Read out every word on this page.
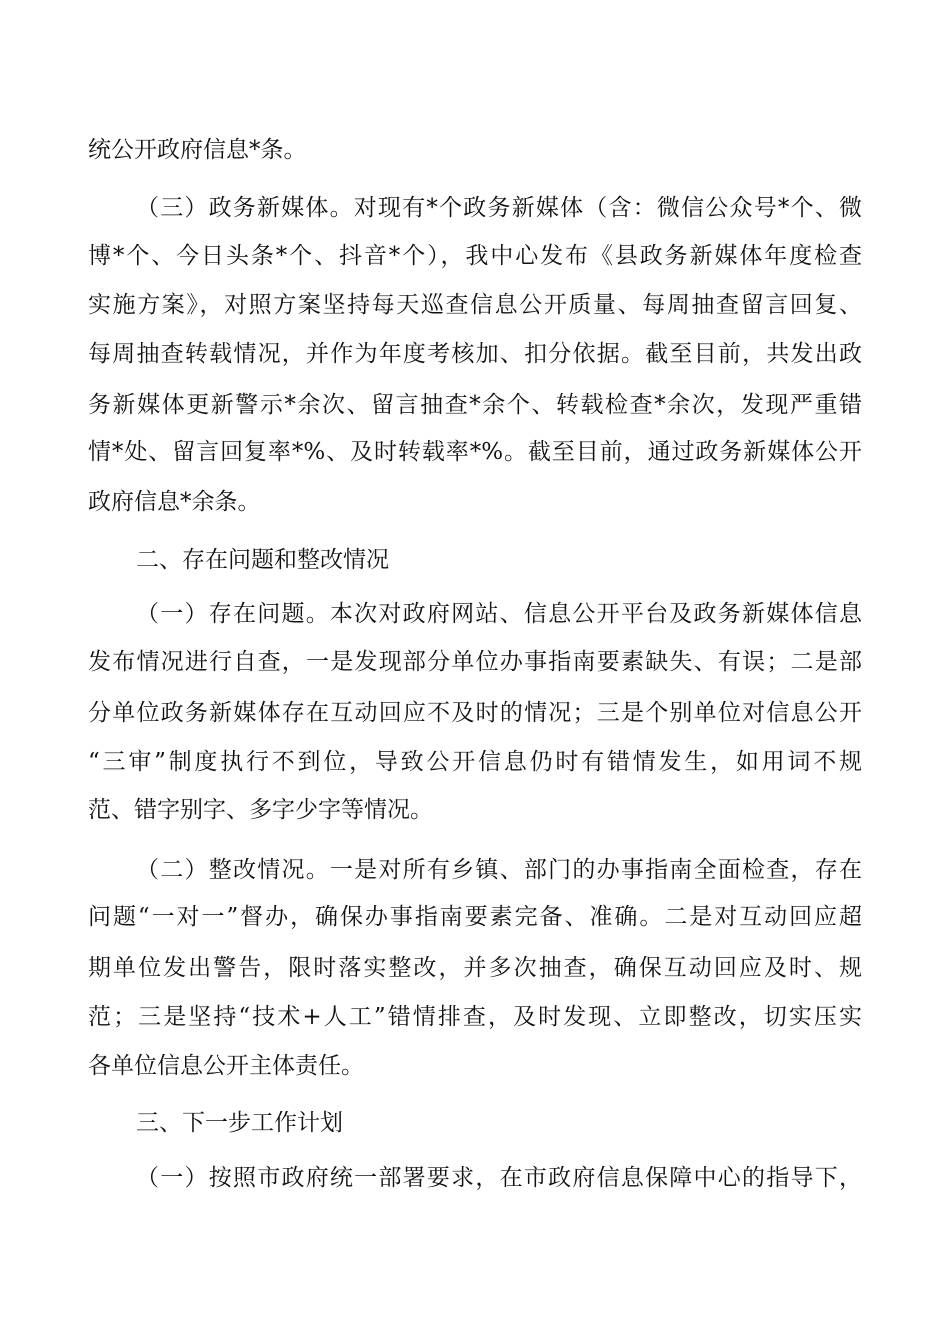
统公开政府信息*条。
（三）政务新媒体。对现有*个政务新媒体（含：微信公众号*个、微
博*个、今日头条*个、抖音*个），我中心发布《县政务新媒体年度检查
实施方案》，对照方案坚持每天巡查信息公开质量、每周抽查留言回复、
每周抽查转载情况，并作为年度考核加、扣分依据。截至目前，共发出政
务新媒体更新警示*余次、留言抽查*余个、转载检查*余次，发现严重错
情*处、留言回复率*%、及时转载率*%。截至目前，通过政务新媒体公开
政府信息*余条。
二、存在问题和整改情况
（一）存在问题。本次对政府网站、信息公开平台及政务新媒体信息
发布情况进行自查，一是发现部分单位办事指南要素缺失、有误；二是部
分单位政务新媒体存在互动回应不及时的情况；三是个别单位对信息公开
“三审”制度执行不到位，导致公开信息仍时有错情发生，如用词不规
范、错字别字、多字少字等情况。
（二）整改情况。一是对所有乡镇、部门的办事指南全面检查，存在
问题“一对一”督办，确保办事指南要素完备、准确。二是对互动回应超
期单位发出警告，限时落实整改，并多次抽查，确保互动回应及时、规
范；三是坚持“技术+人工”错情排查，及时发现、立即整改，切实压实
各单位信息公开主体责任。
三、下一步工作计划
（一）按照市政府统一部署要求，在市政府信息保障中心的指导下，
